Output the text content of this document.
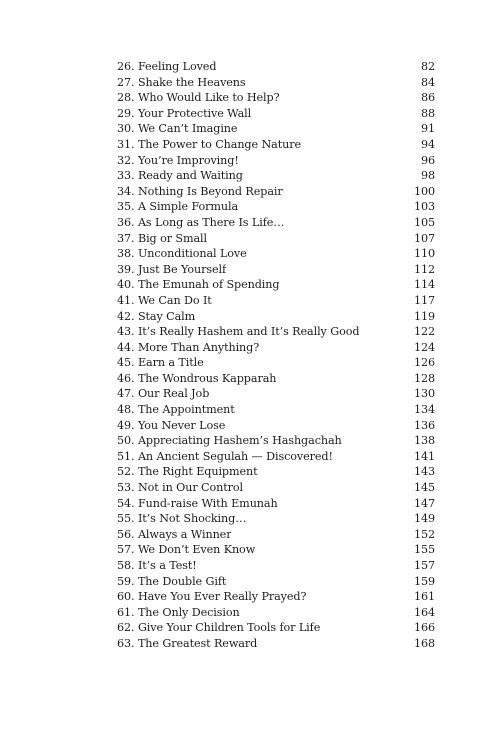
26. Feeling Loved	82
27. Shake the Heavens	84
28. Who Would Like to Help?	86
29. Your Protective Wall	88
30. We Can’t Imagine	91
31. The Power to Change Nature	94
32. You’re Improving!	96
33. Ready and Waiting	98
34. Nothing Is Beyond Repair	100
35. A Simple Formula	103
36. As Long as There Is Life…	105
37. Big or Small	107
38. Unconditional Love	110
39. Just Be Yourself	112
40. The Emunah of Spending	114
41. We Can Do It	117
42. Stay Calm	119
43. It’s Really Hashem and It’s Really Good	122
44. More Than Anything?	124
45. Earn a Title	126
46. The Wondrous Kapparah	128
47. Our Real Job	130
48. The Appointment	134
49. You Never Lose	136
50. Appreciating Hashem’s Hashgachah	138
51. An Ancient Segulah — Discovered!	141
52. The Right Equipment	143
53. Not in Our Control	145
54. Fund-raise With Emunah	147
55. It’s Not Shocking…	149
56. Always a Winner	152
57. We Don’t Even Know	155
58. It’s a Test!	157
59. The Double Gift	159
60. Have You Ever Really Prayed?	161
61. The Only Decision	164
62. Give Your Children Tools for Life	166
63. The Greatest Reward	168
